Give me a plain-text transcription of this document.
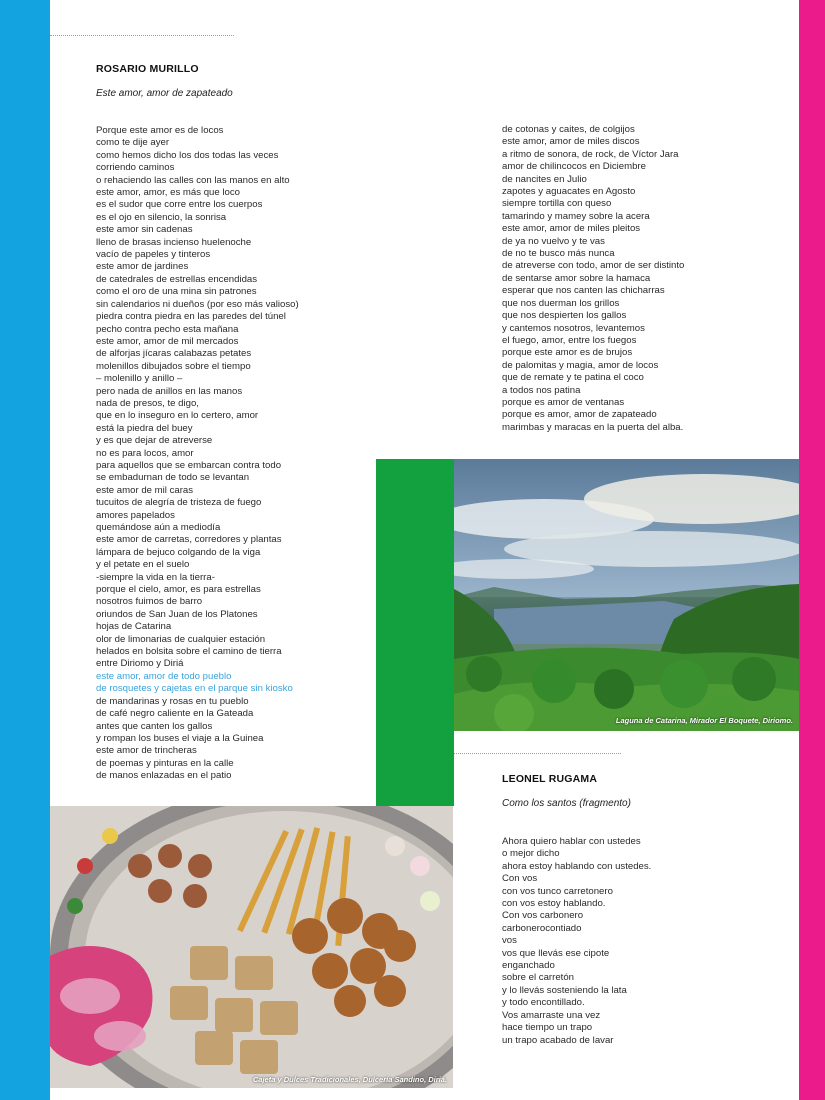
ROSARIO MURILLO
Este amor, amor de zapateado
Porque este amor es de locos
como te dije ayer
como hemos dicho los dos todas las veces
corriendo caminos
o rehaciendo las calles con las manos en alto
este amor, amor, es más que loco
es el sudor que corre entre los cuerpos
es el ojo en silencio, la sonrisa
este amor sin cadenas
lleno de brasas incienso huelenoche
vacío de papeles y tinteros
este amor de jardines
de catedrales de estrellas encendidas
como el oro de una mina sin patrones
sin calendarios ni dueños (por eso más valioso)
piedra contra piedra en las paredes del túnel
pecho contra pecho esta mañana
este amor, amor de mil mercados
de alforjas jícaras calabazas petates
molenillos dibujados sobre el tiempo
– molenillo y anillo –
pero nada de anillos en las manos
nada de presos, te digo,
que en lo inseguro en lo certero, amor
está la piedra del buey
y es que dejar de atreverse
no es para locos, amor
para aquellos que se embarcan contra todo
se embadurnan de todo se levantan
este amor de mil caras
tucuitos de alegría de tristeza de fuego
amores papelados
quemándose aún a mediodía
este amor de carretas, corredores y plantas
lámpara de bejuco colgando de la viga
y el petate en el suelo
-siempre la vida en la tierra-
porque el cielo, amor, es para estrellas
nosotros fuimos de barro
oriundos de San Juan de los Platones
hojas de Catarina
olor de limonarias de cualquier estación
helados en bolsita sobre el camino de tierra
entre Diriomo y Diriá
este amor, amor de todo pueblo
de rosquetes y cajetas en el parque sin kiosko
de mandarinas y rosas en tu pueblo
de café negro caliente en la Gateada
antes que canten los gallos
y rompan los buses el viaje a la Guinea
este amor de trincheras
de poemas y pinturas en la calle
de manos enlazadas en el patio
de cotonas y caites, de colgijos
este amor, amor de miles discos
a ritmo de sonora, de rock, de Víctor Jara
amor de chilincocos en Diciembre
de nancites en Julio
zapotes y aguacates en Agosto
siempre tortilla con queso
tamarindo y mamey sobre la acera
este amor, amor de miles pleitos
de ya no vuelvo y te vas
de no te busco más nunca
de atreverse con todo, amor de ser distinto
de sentarse amor sobre la hamaca
esperar que nos canten las chicharras
que nos duerman los grillos
que nos despierten los gallos
y cantemos nosotros, levantemos
el fuego, amor, entre los fuegos
porque este amor es de brujos
de palomitas y magia, amor de locos
que de remate y te patina el coco
a todos nos patina
porque es amor de ventanas
porque es amor, amor de zapateado
marimbas y maracas en la puerta del alba.
Laguna de Catarina, Mirador El Boquete, Diriomo.
Cajeta y Dulces Tradicionales, Dulcería Sandino, Diriá.
LEONEL RUGAMA
Como los santos (fragmento)
Ahora quiero hablar con ustedes
o mejor dicho
ahora estoy hablando con ustedes.
Con vos
con vos tunco carretonero
con vos estoy hablando.
Con vos carbonero
carbonerocontiado
vos
vos que llevás ese cipote
enganchado
sobre el carretón
y lo llevás sosteniendo la lata
y todo encontillado.
Vos amarraste una vez
hace tiempo un trapo
un trapo acabado de lavar
